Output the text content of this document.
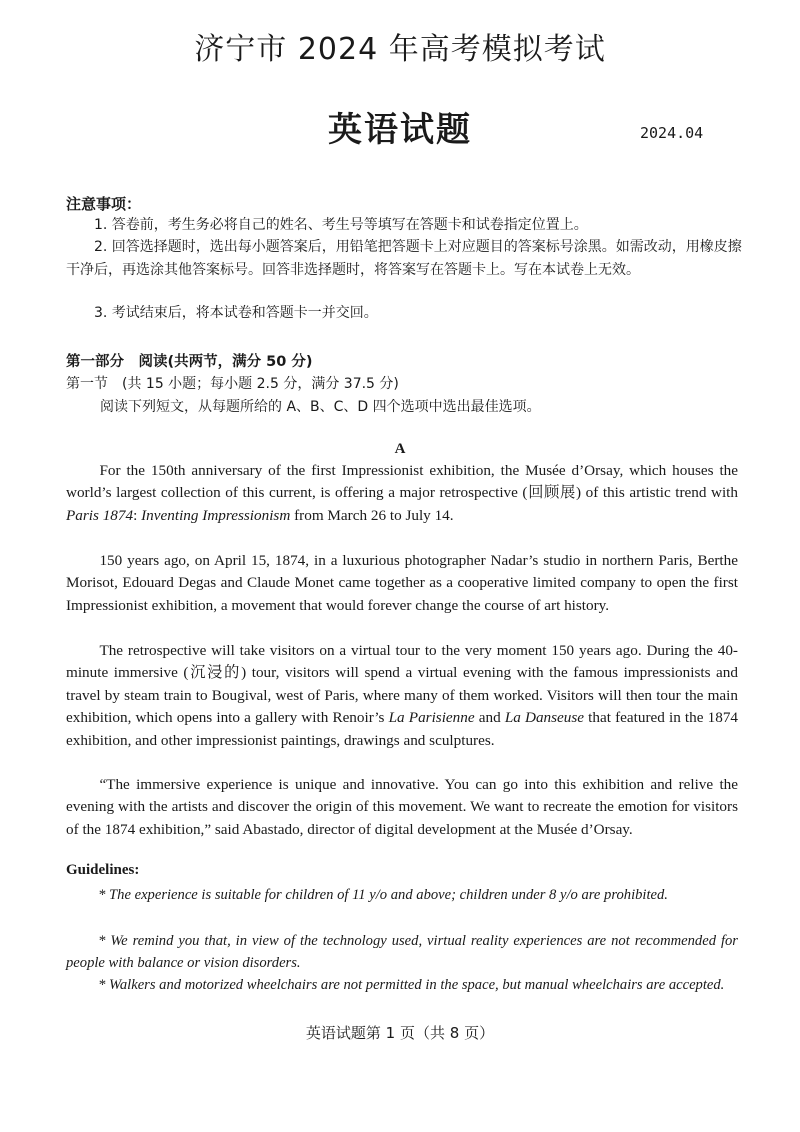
济宁市 2024 年高考模拟考试
英语试题	2024.04
注意事项：
1. 答卷前，考生务必将自己的姓名、考生号等填写在答题卡和试卷指定位置上。
2. 回答选择题时，选出每小题答案后，用铅笔把答题卡上对应题目的答案标号涂黑。如需改动，用橡皮擦干净后，再选涂其他答案标号。回答非选择题时，将答案写在答题卡上。写在本试卷上无效。
3. 考试结束后，将本试卷和答题卡一并交回。
第一部分　阅读(共两节，满分 50 分)
第一节　(共 15 小题；每小题 2.5 分，满分 37.5 分)
阅读下列短文，从每题所给的 A、B、C、D 四个选项中选出最佳选项。
A
For the 150th anniversary of the first Impressionist exhibition, the Musée d’Orsay, which houses the world’s largest collection of this current, is offering a major retrospective (回顾展) of this artistic trend with Paris 1874: Inventing Impressionism from March 26 to July 14.
150 years ago, on April 15, 1874, in a luxurious photographer Nadar’s studio in northern Paris, Berthe Morisot, Edouard Degas and Claude Monet came together as a cooperative limited company to open the first Impressionist exhibition, a movement that would forever change the course of art history.
The retrospective will take visitors on a virtual tour to the very moment 150 years ago. During the 40-minute immersive (沉浸的) tour, visitors will spend a virtual evening with the famous impressionists and travel by steam train to Bougival, west of Paris, where many of them worked. Visitors will then tour the main exhibition, which opens into a gallery with Renoir’s La Parisienne and La Danseuse that featured in the 1874 exhibition, and other impressionist paintings, drawings and sculptures.
“The immersive experience is unique and innovative. You can go into this exhibition and relive the evening with the artists and discover the origin of this movement. We want to recreate the emotion for visitors of the 1874 exhibition,” said Abastado, director of digital development at the Musée d’Orsay.
Guidelines:
* The experience is suitable for children of 11 y/o and above; children under 8 y/o are prohibited.
* We remind you that, in view of the technology used, virtual reality experiences are not recommended for people with balance or vision disorders.
* Walkers and motorized wheelchairs are not permitted in the space, but manual wheelchairs are accepted.
英语试题第 1 页（共 8 页）
